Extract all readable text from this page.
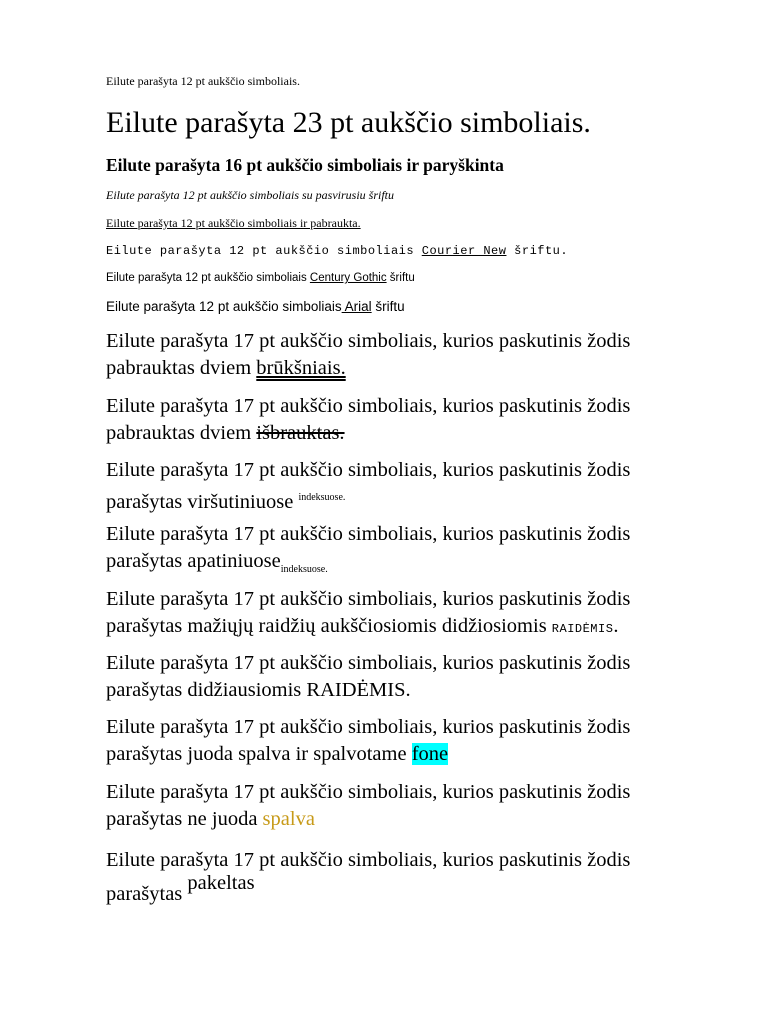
Eilute parašyta 12 pt aukščio simboliais.
Eilute parašyta 23 pt aukščio simboliais.
Eilute parašyta 16 pt aukščio simboliais ir paryškinta
Eilute parašyta 12 pt aukščio simboliais su pasvirusiu šriftu
Eilute parašyta 12 pt aukščio simboliais ir pabraukta.
Eilute parašyta 12 pt aukščio simboliais Courier New šriftu.
Eilute parašyta 12 pt aukščio simboliais Century Gothic šriftu
Eilute parašyta 12 pt aukščio simboliais Arial šriftu
Eilute parašyta 17 pt aukščio simboliais, kurios paskutinis žodis
pabrauktas dviem brūkšniais.
Eilute parašyta 17 pt aukščio simboliais, kurios paskutinis žodis
pabrauktas dviem išbrauktas.
Eilute parašyta 17 pt aukščio simboliais, kurios paskutinis žodis
parašytas viršutiniuose $^{indeksuose.}$
Eilute parašyta 17 pt aukščio simboliais, kurios paskutinis žodis
parašytas apatiniuose$_{indeksuose.}$
Eilute parašyta 17 pt aukščio simboliais, kurios paskutinis žodis
parašytas mažiųjų raidžių aukščiosiomis didžiosiomis raidėmis.
Eilute parašyta 17 pt aukščio simboliais, kurios paskutinis žodis
parašytas didžiausiomis RAIDĖMIS.
Eilute parašyta 17 pt aukščio simboliais, kurios paskutinis žodis
parašytas juoda spalva ir spalvotame fone
Eilute parašyta 17 pt aukščio simboliais, kurios paskutinis žodis
parašytas ne juoda spalva
Eilute parašyta 17 pt aukščio simboliais, kurios paskutinis žodis
parašytas pakeltas
